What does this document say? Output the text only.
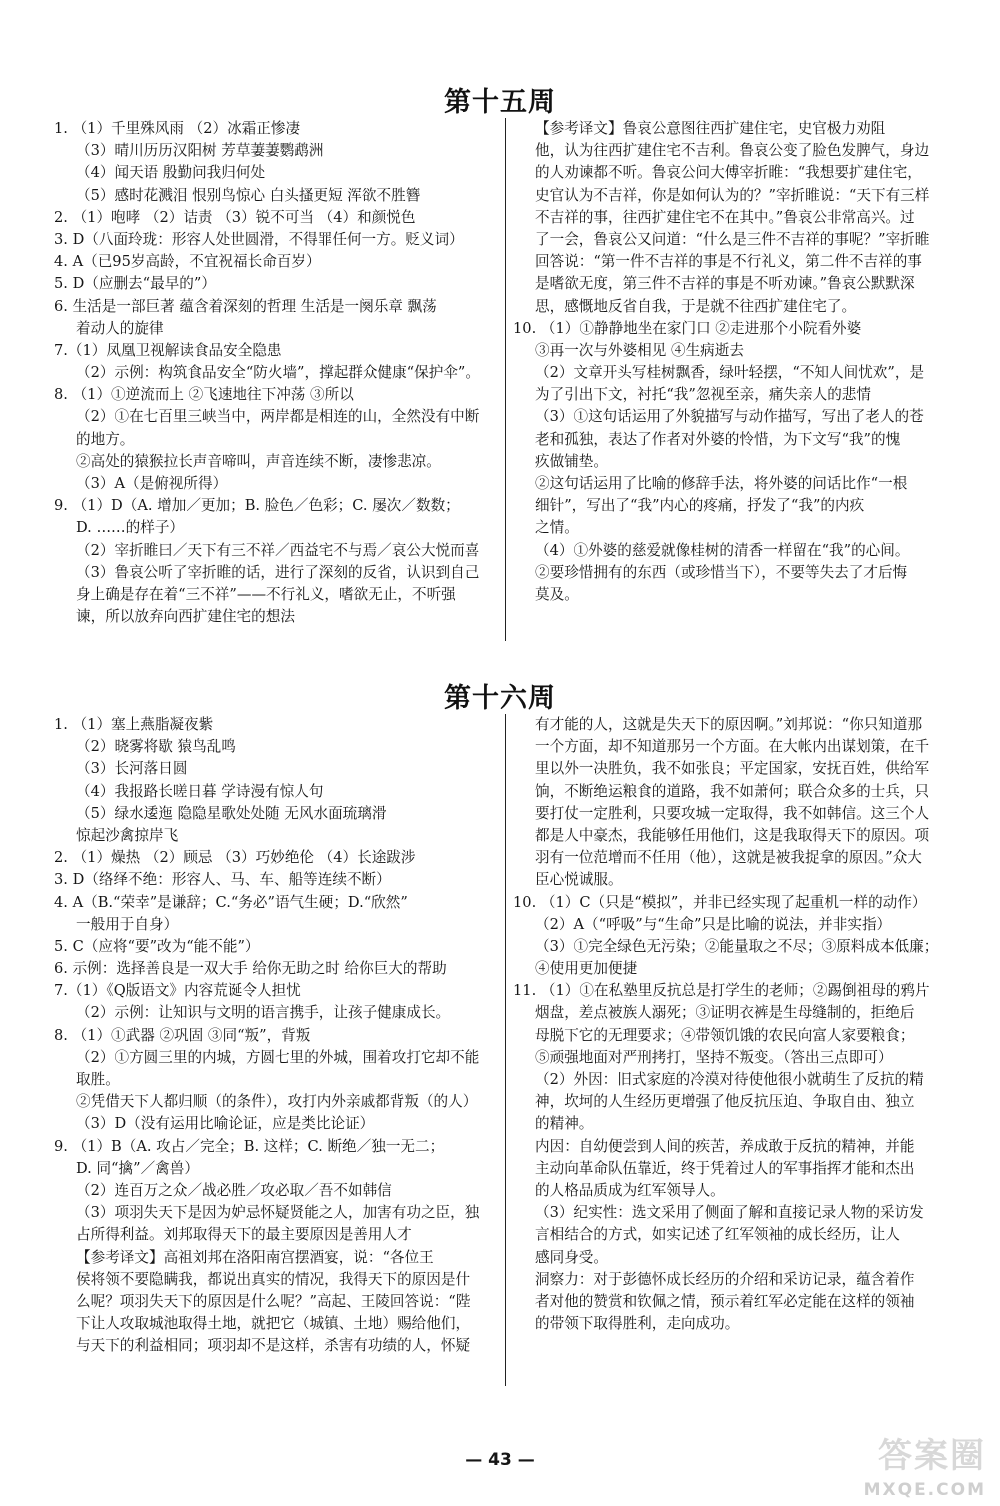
第十五周
1. （1）千里殊风雨 （2）冰霜正惨凄
（3）晴川历历汉阳树 芳草萋萋鹦鹉洲
（4）闻天语 殷勤问我归何处
（5）感时花溅泪 恨别鸟惊心 白头搔更短 浑欲不胜簪
2. （1）咆哮 （2）诘责 （3）锐不可当 （4）和颜悦色
3. D（八面玲珑：形容人处世圆滑，不得罪任何一方。贬义词）
4. A（已95岁高龄，不宜祝福长命百岁）
5. D（应删去“最早的”）
6. 生活是一部巨著 蕴含着深刻的哲理 生活是一阕乐章 飘荡
着动人的旋律
7.（1）凤凰卫视解读食品安全隐患
（2）示例：构筑食品安全“防火墙”，撑起群众健康“保护伞”。
8. （1）①逆流而上 ②飞速地往下冲荡 ③所以
（2）①在七百里三峡当中，两岸都是相连的山，全然没有中断
的地方。
②高处的猿猴拉长声音啼叫，声音连续不断，凄惨悲凉。
（3）A（是俯视所得）
9. （1）D（A. 增加／更加；B. 脸色／色彩；C. 屡次／数数；
D. ……的样子）
（2）宰折睢曰／天下有三不祥／西益宅不与焉／哀公大悦而喜
（3）鲁哀公听了宰折睢的话，进行了深刻的反省，认识到自己
身上确是存在着“三不祥”——不行礼义，嗜欲无止，不听强
谏，所以放弃向西扩建住宅的想法
【参考译文】鲁哀公意图往西扩建住宅，史官极力劝阻
他，认为往西扩建住宅不吉利。鲁哀公变了脸色发脾气，身边
的人劝谏都不听。鲁哀公问大傅宰折睢：“我想要扩建住宅，
史官认为不吉祥，你是如何认为的？”宰折睢说：“天下有三样
不吉祥的事，往西扩建住宅不在其中。”鲁哀公非常高兴。过
了一会，鲁哀公又问道：“什么是三件不吉祥的事呢？”宰折睢
回答说：“第一件不吉祥的事是不行礼义，第二件不吉祥的事
是嗜欲无度，第三件不吉祥的事是不听劝谏。”鲁哀公默默深
思，感慨地反省自我，于是就不往西扩建住宅了。
10. （1）①静静地坐在家门口 ②走进那个小院看外婆
③再一次与外婆相见 ④生病逝去
（2）文章开头写桂树飘香，绿叶轻摆，“不知人间忧欢”，是
为了引出下文，衬托“我”忽视至亲，痛失亲人的悲情
（3）①这句话运用了外貌描写与动作描写，写出了老人的苍
老和孤独，表达了作者对外婆的怜惜，为下文写“我”的愧
疚做铺垫。
②这句话运用了比喻的修辞手法，将外婆的问话比作“一根
细针”，写出了“我”内心的疼痛，抒发了“我”的内疚
之情。
（4）①外婆的慈爱就像桂树的清香一样留在“我”的心间。
②要珍惜拥有的东西（或珍惜当下），不要等失去了才后悔
莫及。
第十六周
1. （1）塞上燕脂凝夜紫
（2）晓雾将歇 猿鸟乱鸣
（3）长河落日圆
（4）我报路长嗟日暮 学诗漫有惊人句
（5）绿水逶迤 隐隐星歌处处随 无风水面琉璃滑
惊起沙禽掠岸飞
2. （1）燥热 （2）顾忌 （3）巧妙绝伦 （4）长途跋涉
3. D（络绎不绝：形容人、马、车、船等连续不断）
4. A（B.“荣幸”是谦辞；C.“务必”语气生硬；D.“欣然”
一般用于自身）
5. C（应将“要”改为“能不能”）
6. 示例：选择善良是一双大手 给你无助之时 给你巨大的帮助
7.（1）《Q版语文》内容荒诞令人担忧
（2）示例：让知识与文明的语言携手，让孩子健康成长。
8. （1）①武器 ②巩固 ③同“叛”，背叛
（2）①方圆三里的内城，方圆七里的外城，围着攻打它却不能
取胜。
②凭借天下人都归顺（的条件），攻打内外亲戚都背叛（的人）
（3）D（没有运用比喻论证，应是类比论证）
9. （1）B（A. 攻占／完全；B. 这样；C. 断绝／独一无二；
D. 同“擒”／禽兽）
（2）连百万之众／战必胜／攻必取／吾不如韩信
（3）项羽失天下是因为妒忌怀疑贤能之人，加害有功之臣，独
占所得利益。刘邦取得天下的最主要原因是善用人才
【参考译文】高祖刘邦在洛阳南宫摆酒宴，说：“各位王
侯将领不要隐瞒我，都说出真实的情况，我得天下的原因是什
么呢？项羽失天下的原因是什么呢？”高起、王陵回答说：“陛
下让人攻取城池取得土地，就把它（城镇、土地）赐给他们，
与天下的利益相同；项羽却不是这样，杀害有功绩的人，怀疑
有才能的人，这就是失天下的原因啊。”刘邦说：“你只知道那
一个方面，却不知道那另一个方面。在大帐内出谋划策，在千
里以外一决胜负，我不如张良；平定国家，安抚百姓，供给军
饷，不断绝运粮食的道路，我不如萧何；联合众多的士兵，只
要打仗一定胜利，只要攻城一定取得，我不如韩信。这三个人
都是人中豪杰，我能够任用他们，这是我取得天下的原因。项
羽有一位范增而不任用（他），这就是被我捉拿的原因。”众大
臣心悦诚服。
10. （1）C（只是“模拟”，并非已经实现了起重机一样的动作）
（2）A（“呼吸”与“生命”只是比喻的说法，并非实指）
（3）①完全绿色无污染；②能量取之不尽；③原料成本低廉；
④使用更加便捷
11. （1）①在私塾里反抗总是打学生的老师；②踢倒祖母的鸦片
烟盘，差点被族人溺死；③证明衣裤是生母缝制的，拒绝后
母脱下它的无理要求；④带领饥饿的农民向富人家要粮食；
⑤顽强地面对严刑拷打，坚持不叛变。（答出三点即可）
（2）外因：旧式家庭的冷漠对待使他很小就萌生了反抗的精
神，坎坷的人生经历更增强了他反抗压迫、争取自由、独立
的精神。
内因：自幼便尝到人间的疾苦，养成敢于反抗的精神，并能
主动向革命队伍靠近，终于凭着过人的军事指挥才能和杰出
的人格品质成为红军领导人。
（3）纪实性：选文采用了侧面了解和直接记录人物的采访发
言相结合的方式，如实记述了红军领袖的成长经历，让人
感同身受。
洞察力：对于彭德怀成长经历的介绍和采访记录，蕴含着作
者对他的赞赏和钦佩之情，预示着红军必定能在这样的领袖
的带领下取得胜利，走向成功。
— 43 —	答案圈
MXQE.COM
